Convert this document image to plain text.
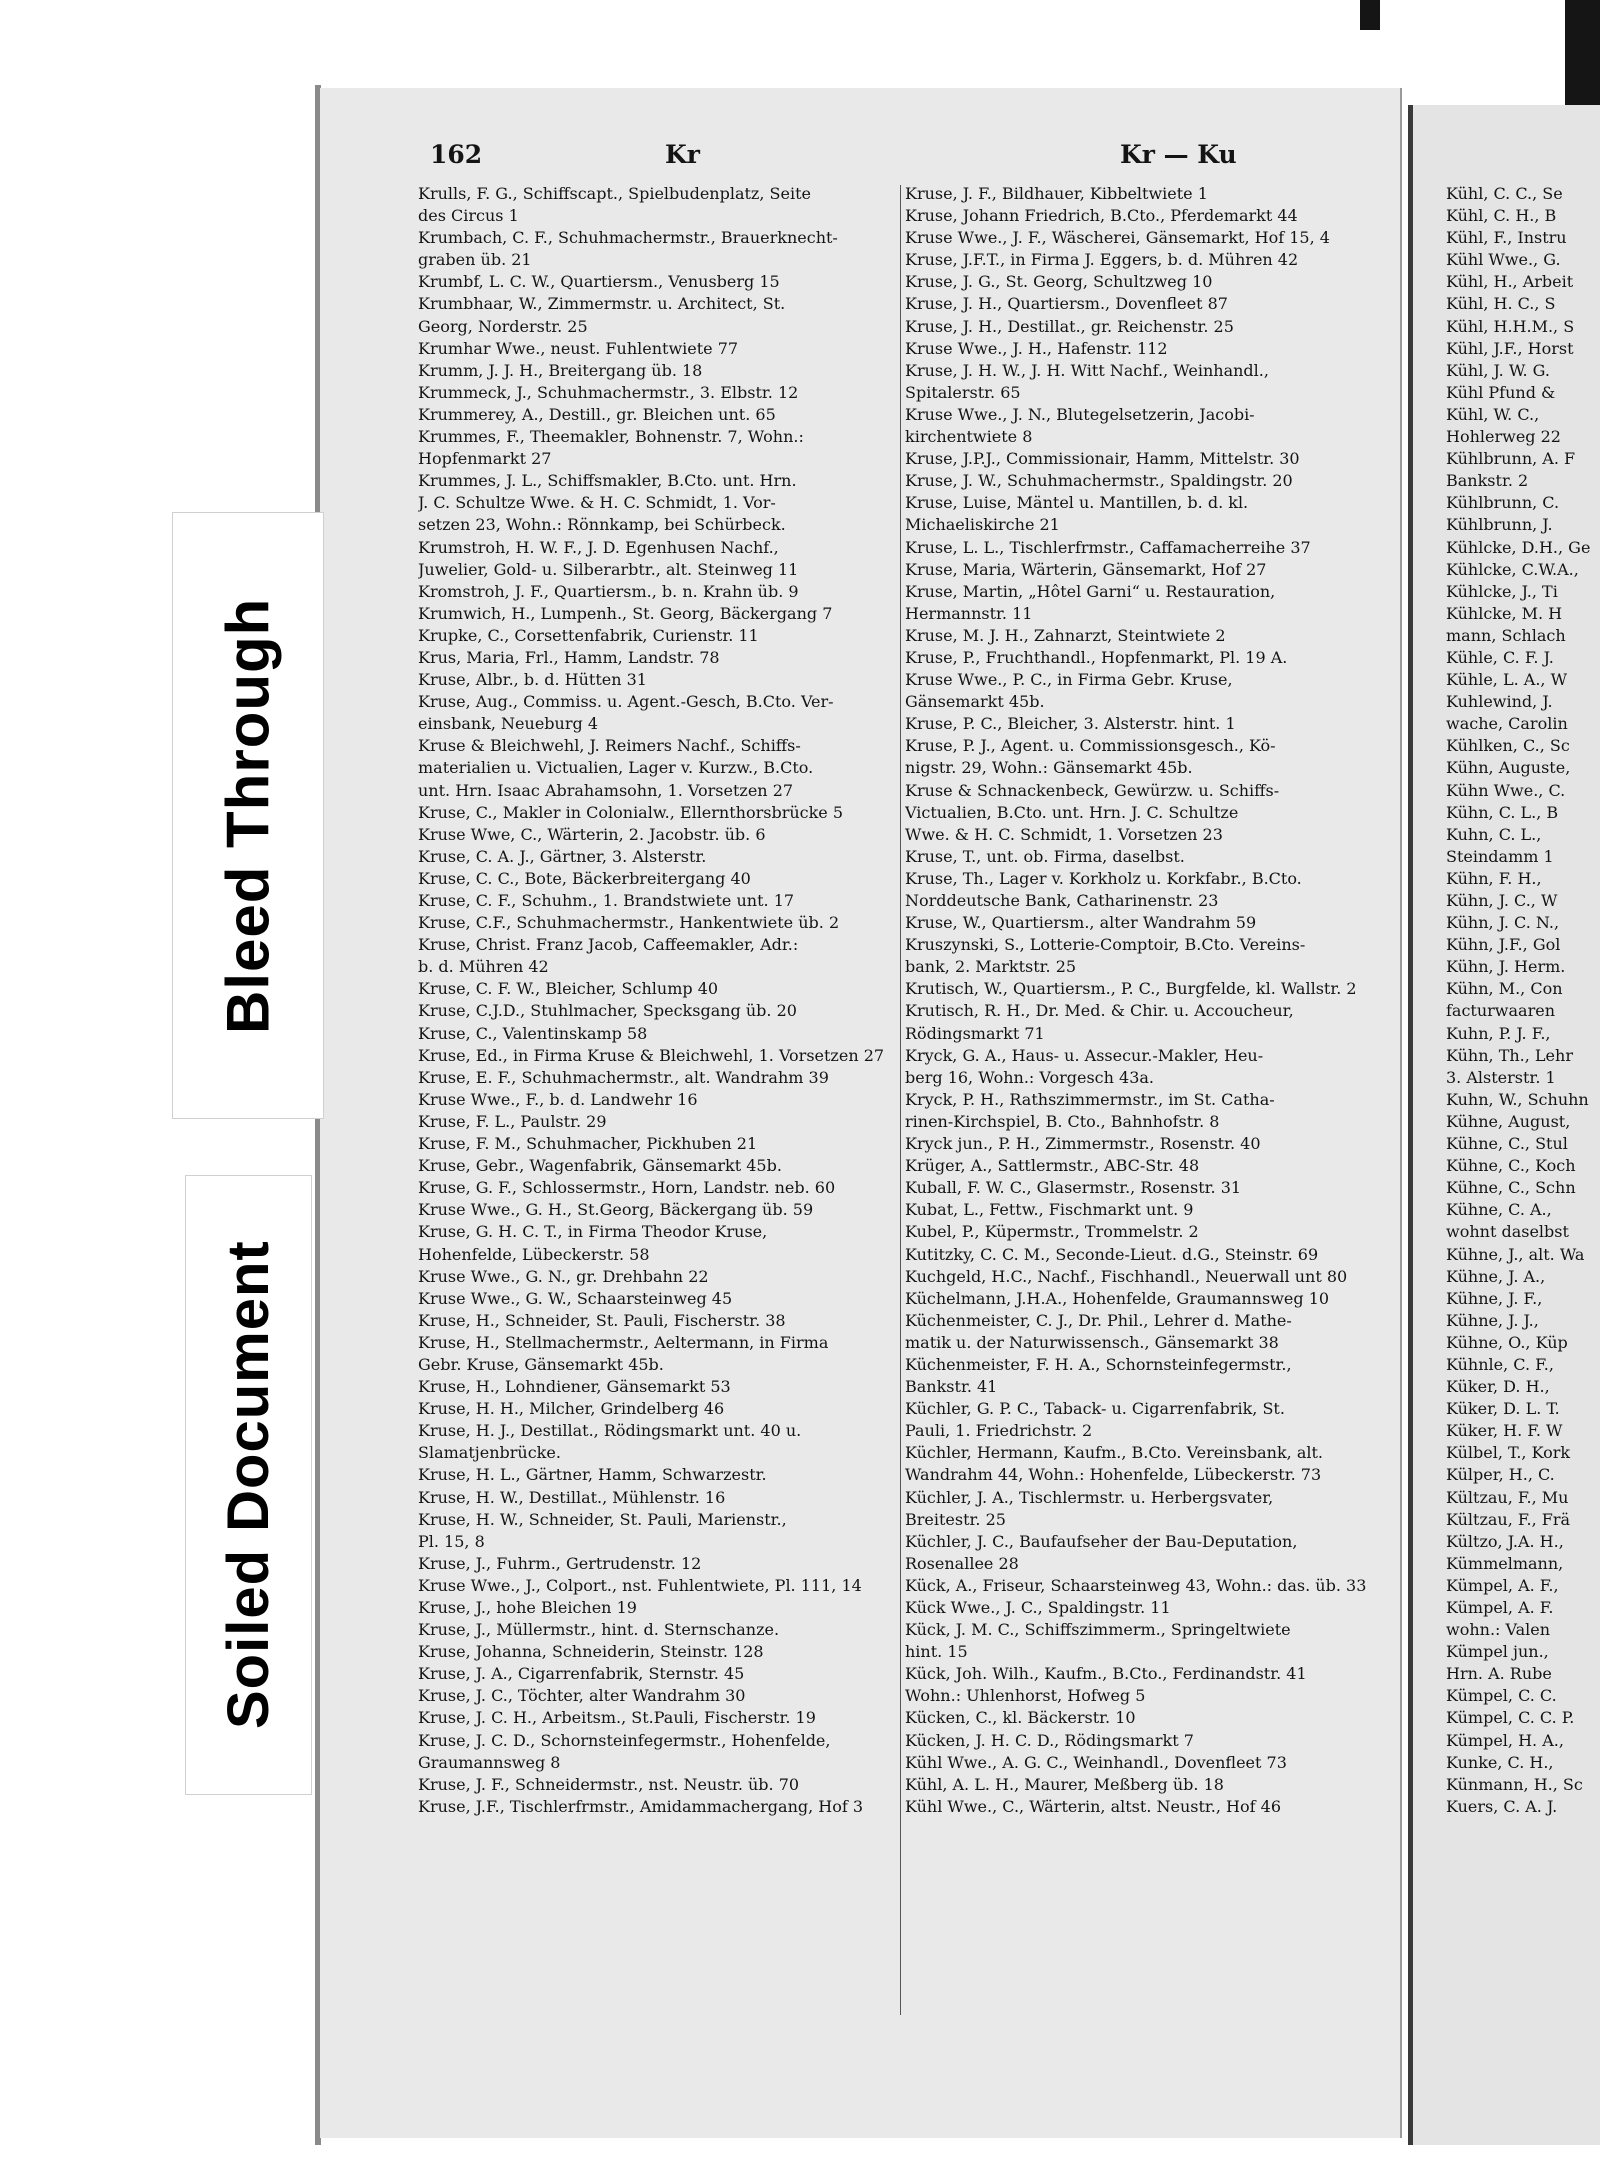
162	Kr	Kr — Ku
Krulls, F. G., Schiffscapt., Spielbudenplatz, Seite
des Circus 1
Krumbach, C. F., Schuhmachermstr., Brauerknecht-
graben üb. 21
Krumbf, L. C. W., Quartiersm., Venusberg 15
Krumbhaar, W., Zimmermstr. u. Architect, St.
Georg, Norderstr. 25
Krumhar Wwe., neust. Fuhlentwiete 77
Krumm, J. J. H., Breitergang üb. 18
Krummeck, J., Schuhmachermstr., 3. Elbstr. 12
Krummerey, A., Destill., gr. Bleichen unt. 65
Krummes, F., Theemakler, Bohnenstr. 7, Wohn.:
Hopfenmarkt 27
Krummes, J. L., Schiffsmakler, B.Cto. unt. Hrn.
J. C. Schultze Wwe. & H. C. Schmidt, 1. Vor-
setzen 23, Wohn.: Rönnkamp, bei Schürbeck.
Krumstroh, H. W. F., J. D. Egenhusen Nachf.,
Juwelier, Gold- u. Silberarbtr., alt. Steinweg 11
Kromstroh, J. F., Quartiersm., b. n. Krahn üb. 9
Krumwich, H., Lumpenh., St. Georg, Bäckergang 7
Krupke, C., Corsettenfabrik, Curienstr. 11
Krus, Maria, Frl., Hamm, Landstr. 78
Kruse, Albr., b. d. Hütten 31
Kruse, Aug., Commiss. u. Agent.-Gesch, B.Cto. Ver-
einsbank, Neueburg 4
Kruse & Bleichwehl, J. Reimers Nachf., Schiffs-
materialien u. Victualien, Lager v. Kurzw., B.Cto.
unt. Hrn. Isaac Abrahamsohn, 1. Vorsetzen 27
Kruse, C., Makler in Colonialw., Ellernthorsbrücke 5
Kruse Wwe, C., Wärterin, 2. Jacobstr. üb. 6
Kruse, C. A. J., Gärtner, 3. Alsterstr.
Kruse, C. C., Bote, Bäckerbreitergang 40
Kruse, C. F., Schuhm., 1. Brandstwiete unt. 17
Kruse, C.F., Schuhmachermstr., Hankentwiete üb. 2
Kruse, Christ. Franz Jacob, Caffeemakler, Adr.:
b. d. Mühren 42
Kruse, C. F. W., Bleicher, Schlump 40
Kruse, C.J.D., Stuhlmacher, Specksgang üb. 20
Kruse, C., Valentinskamp 58
Kruse, Ed., in Firma Kruse & Bleichwehl, 1. Vorsetzen 27
Kruse, E. F., Schuhmachermstr., alt. Wandrahm 39
Kruse Wwe., F., b. d. Landwehr 16
Kruse, F. L., Paulstr. 29
Kruse, F. M., Schuhmacher, Pickhuben 21
Kruse, Gebr., Wagenfabrik, Gänsemarkt 45b.
Kruse, G. F., Schlossermstr., Horn, Landstr. neb. 60
Kruse Wwe., G. H., St.Georg, Bäckergang üb. 59
Kruse, G. H. C. T., in Firma Theodor Kruse,
Hohenfelde, Lübeckerstr. 58
Kruse Wwe., G. N., gr. Drehbahn 22
Kruse Wwe., G. W., Schaarsteinweg 45
Kruse, H., Schneider, St. Pauli, Fischerstr. 38
Kruse, H., Stellmachermstr., Aeltermann, in Firma
Gebr. Kruse, Gänsemarkt 45b.
Kruse, H., Lohndiener, Gänsemarkt 53
Kruse, H. H., Milcher, Grindelberg 46
Kruse, H. J., Destillat., Rödingsmarkt unt. 40 u.
Slamatjenbrücke.
Kruse, H. L., Gärtner, Hamm, Schwarzestr.
Kruse, H. W., Destillat., Mühlenstr. 16
Kruse, H. W., Schneider, St. Pauli, Marienstr.,
Pl. 15, 8
Kruse, J., Fuhrm., Gertrudenstr. 12
Kruse Wwe., J., Colport., nst. Fuhlentwiete, Pl. 111, 14
Kruse, J., hohe Bleichen 19
Kruse, J., Müllermstr., hint. d. Sternschanze.
Kruse, Johanna, Schneiderin, Steinstr. 128
Kruse, J. A., Cigarrenfabrik, Sternstr. 45
Kruse, J. C., Töchter, alter Wandrahm 30
Kruse, J. C. H., Arbeitsm., St.Pauli, Fischerstr. 19
Kruse, J. C. D., Schornsteinfegermstr., Hohenfelde,
Graumannsweg 8
Kruse, J. F., Schneidermstr., nst. Neustr. üb. 70
Kruse, J.F., Tischlerfrmstr., Amidammachergang, Hof 3
Kruse, J. F., Bildhauer, Kibbeltwiete 1
Kruse, Johann Friedrich, B.Cto., Pferdemarkt 44
Kruse Wwe., J. F., Wäscherei, Gänsemarkt, Hof 15, 4
Kruse, J.F.T., in Firma J. Eggers, b. d. Mühren 42
Kruse, J. G., St. Georg, Schultzweg 10
Kruse, J. H., Quartiersm., Dovenfleet 87
Kruse, J. H., Destillat., gr. Reichenstr. 25
Kruse Wwe., J. H., Hafenstr. 112
Kruse, J. H. W., J. H. Witt Nachf., Weinhandl.,
Spitalerstr. 65
Kruse Wwe., J. N., Blutegelsetzerin, Jacobi-
kirchentwiete 8
Kruse, J.P.J., Commissionair, Hamm, Mittelstr. 30
Kruse, J. W., Schuhmachermstr., Spaldingstr. 20
Kruse, Luise, Mäntel u. Mantillen, b. d. kl.
Michaeliskirche 21
Kruse, L. L., Tischlerfrmstr., Caffamacherreihe 37
Kruse, Maria, Wärterin, Gänsemarkt, Hof 27
Kruse, Martin, „Hôtel Garni“ u. Restauration,
Hermannstr. 11
Kruse, M. J. H., Zahnarzt, Steintwiete 2
Kruse, P., Fruchthandl., Hopfenmarkt, Pl. 19 A.
Kruse Wwe., P. C., in Firma Gebr. Kruse,
Gänsemarkt 45b.
Kruse, P. C., Bleicher, 3. Alsterstr. hint. 1
Kruse, P. J., Agent. u. Commissionsgesch., Kö-
nigstr. 29, Wohn.: Gänsemarkt 45b.
Kruse & Schnackenbeck, Gewürzw. u. Schiffs-
Victualien, B.Cto. unt. Hrn. J. C. Schultze
Wwe. & H. C. Schmidt, 1. Vorsetzen 23
Kruse, T., unt. ob. Firma, daselbst.
Kruse, Th., Lager v. Korkholz u. Korkfabr., B.Cto.
Norddeutsche Bank, Catharinenstr. 23
Kruse, W., Quartiersm., alter Wandrahm 59
Kruszynski, S., Lotterie-Comptoir, B.Cto. Vereins-
bank, 2. Marktstr. 25
Krutisch, W., Quartiersm., P. C., Burgfelde, kl. Wallstr. 2
Krutisch, R. H., Dr. Med. & Chir. u. Accoucheur,
Rödingsmarkt 71
Kryck, G. A., Haus- u. Assecur.-Makler, Heu-
berg 16, Wohn.: Vorgesch 43a.
Kryck, P. H., Rathszimmermstr., im St. Catha-
rinen-Kirchspiel, B. Cto., Bahnhofstr. 8
Kryck jun., P. H., Zimmermstr., Rosenstr. 40
Krüger, A., Sattlermstr., ABC-Str. 48
Kuball, F. W. C., Glasermstr., Rosenstr. 31
Kubat, L., Fettw., Fischmarkt unt. 9
Kubel, P., Küpermstr., Trommelstr. 2
Kutitzky, C. C. M., Seconde-Lieut. d.G., Steinstr. 69
Kuchgeld, H.C., Nachf., Fischhandl., Neuerwall unt 80
Küchelmann, J.H.A., Hohenfelde, Graumannsweg 10
Küchenmeister, C. J., Dr. Phil., Lehrer d. Mathe-
matik u. der Naturwissensch., Gänsemarkt 38
Küchenmeister, F. H. A., Schornsteinfegermstr.,
Bankstr. 41
Küchler, G. P. C., Taback- u. Cigarrenfabrik, St.
Pauli, 1. Friedrichstr. 2
Küchler, Hermann, Kaufm., B.Cto. Vereinsbank, alt.
Wandrahm 44, Wohn.: Hohenfelde, Lübeckerstr. 73
Küchler, J. A., Tischlermstr. u. Herbergsvater,
Breitestr. 25
Küchler, J. C., Baufaufseher der Bau-Deputation,
Rosenallee 28
Kück, A., Friseur, Schaarsteinweg 43, Wohn.: das. üb. 33
Kück Wwe., J. C., Spaldingstr. 11
Kück, J. M. C., Schiffszimmerm., Springeltwiete
hint. 15
Kück, Joh. Wilh., Kaufm., B.Cto., Ferdinandstr. 41
Wohn.: Uhlenhorst, Hofweg 5
Kücken, C., kl. Bäckerstr. 10
Kücken, J. H. C. D., Rödingsmarkt 7
Kühl Wwe., A. G. C., Weinhandl., Dovenfleet 73
Kühl, A. L. H., Maurer, Meßberg üb. 18
Kühl Wwe., C., Wärterin, altst. Neustr., Hof 46
Kühl, C. C., Se
Kühl, C. H., B
Kühl, F., Instru
Kühl Wwe., G.
Kühl, H., Arbeit
Kühl, H. C., S
Kühl, H.H.M., S
Kühl, J.F., Horst
Kühl, J. W. G.
Kühl Pfund &
Kühl, W. C.,
Hohlerweg 22
Kühlbrunn, A. F
Bankstr. 2
Kühlbrunn, C.
Kühlbrunn, J.
Kühlcke, D.H., Ge
Kühlcke, C.W.A.,
Kühlcke, J., Ti
Kühlcke, M. H
mann, Schlach
Kühle, C. F. J.
Kühle, L. A., W
Kuhlewind, J.
wache, Carolin
Kühlken, C., Sc
Kühn, Auguste,
Kühn Wwe., C.
Kühn, C. L., B
Kuhn, C. L.,
Steindamm 1
Kühn, F. H.,
Kühn, J. C., W
Kühn, J. C. N.,
Kühn, J.F., Gol
Kühn, J. Herm.
Kühn, M., Con
facturwaaren
Kuhn, P. J. F.,
Kühn, Th., Lehr
3. Alsterstr. 1
Kuhn, W., Schuhn
Kühne, August,
Kühne, C., Stul
Kühne, C., Koch
Kühne, C., Schn
Kühne, C. A.,
wohnt daselbst
Kühne, J., alt. Wa
Kühne, J. A.,
Kühne, J. F.,
Kühne, J. J.,
Kühne, O., Küp
Kühnle, C. F.,
Küker, D. H.,
Küker, D. L. T.
Küker, H. F. W
Külbel, T., Kork
Külper, H., C.
Kültzau, F., Mu
Kültzau, F., Frä
Kültzo, J.A. H.,
Kümmelmann,
Kümpel, A. F.,
Kümpel, A. F.
wohn.: Valen
Kümpel jun.,
Hrn. A. Rube
Kümpel, C. C.
Kümpel, C. C. P.
Kümpel, H. A.,
Kunke, C. H.,
Künmann, H., Sc
Kuers, C. A. J.
Bleed Through
Soiled Document
